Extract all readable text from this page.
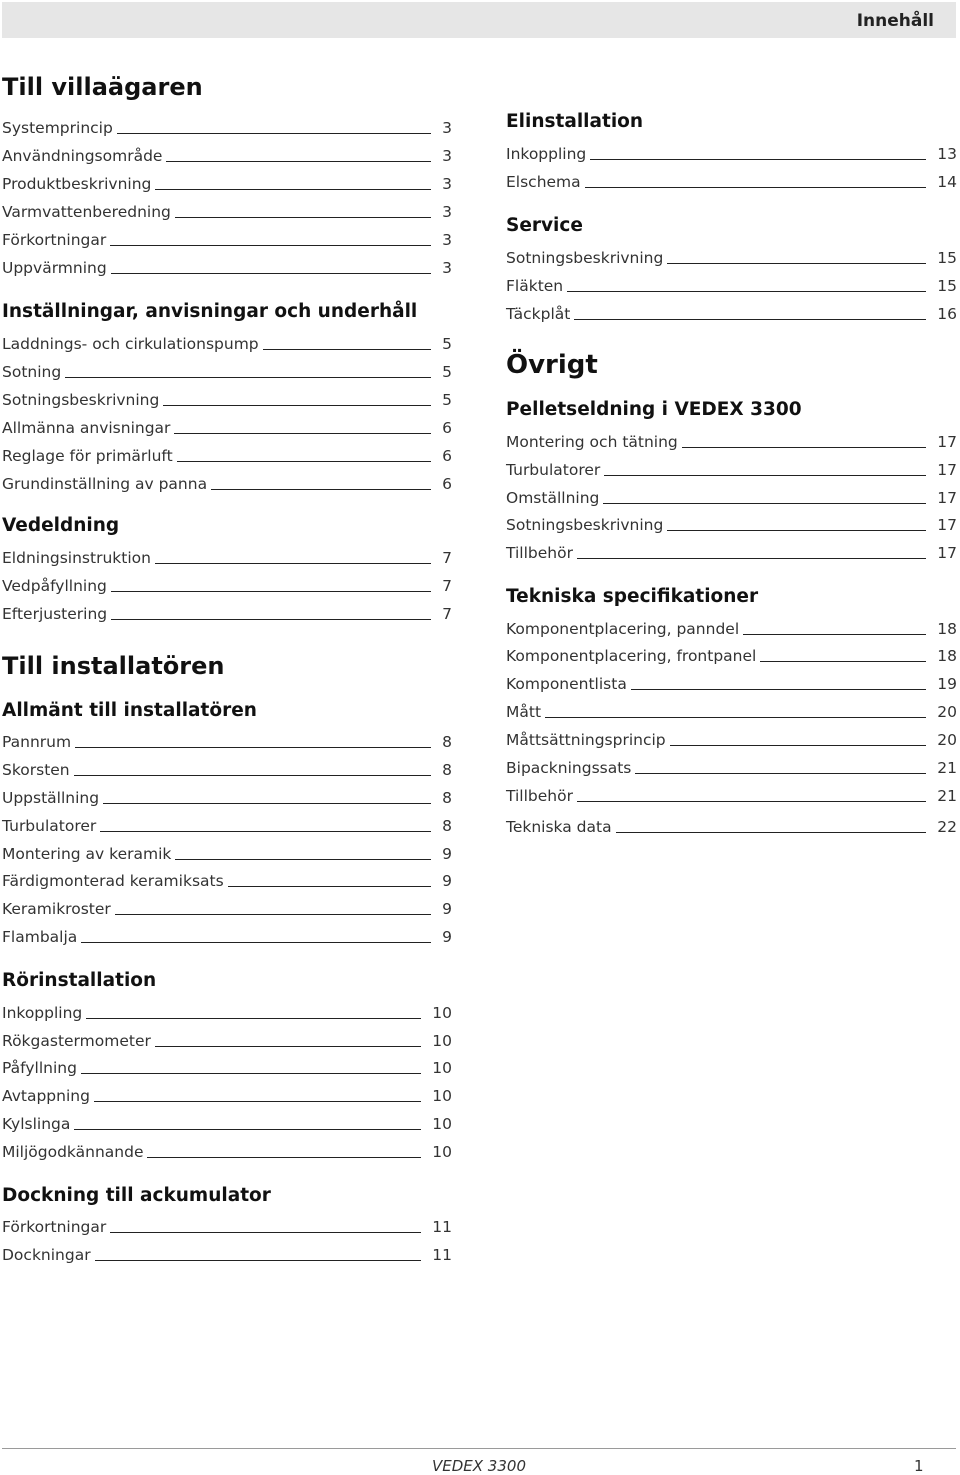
Innehåll
Till villaägaren
Systemprincip	3
Användningsområde	3
Produktbeskrivning	3
Varmvattenberedning	3
Förkortningar	3
Uppvärmning	3
Inställningar, anvisningar och underhåll
Laddnings- och cirkulationspump	5
Sotning	5
Sotningsbeskrivning	5
Allmänna anvisningar	6
Reglage för primärluft	6
Grundinställning av panna	6
Vedeldning
Eldningsinstruktion	7
Vedpåfyllning	7
Efterjustering	7
Till installatören
Allmänt till installatören
Pannrum	8
Skorsten	8
Uppställning	8
Turbulatorer	8
Montering av keramik	9
Färdigmonterad keramiksats	9
Keramikroster	9
Flambalja	9
Rörinstallation
Inkoppling	10
Rökgastermometer	10
Påfyllning	10
Avtappning	10
Kylslinga	10
Miljögodkännande	10
Dockning till ackumulator
Förkortningar	11
Dockningar	11
Elinstallation
Inkoppling	13
Elschema	14
Service
Sotningsbeskrivning	15
Fläkten	15
Täckplåt	16
Övrigt
Pelletseldning i VEDEX 3300
Montering och tätning	17
Turbulatorer	17
Omställning	17
Sotningsbeskrivning	17
Tillbehör	17
Tekniska specifikationer
Komponentplacering, panndel	18
Komponentplacering, frontpanel	18
Komponentlista	19
Mått	20
Måttsättningsprincip	20
Bipackningssats	21
Tillbehör	21
Tekniska data	22
VEDEX 3300	1
